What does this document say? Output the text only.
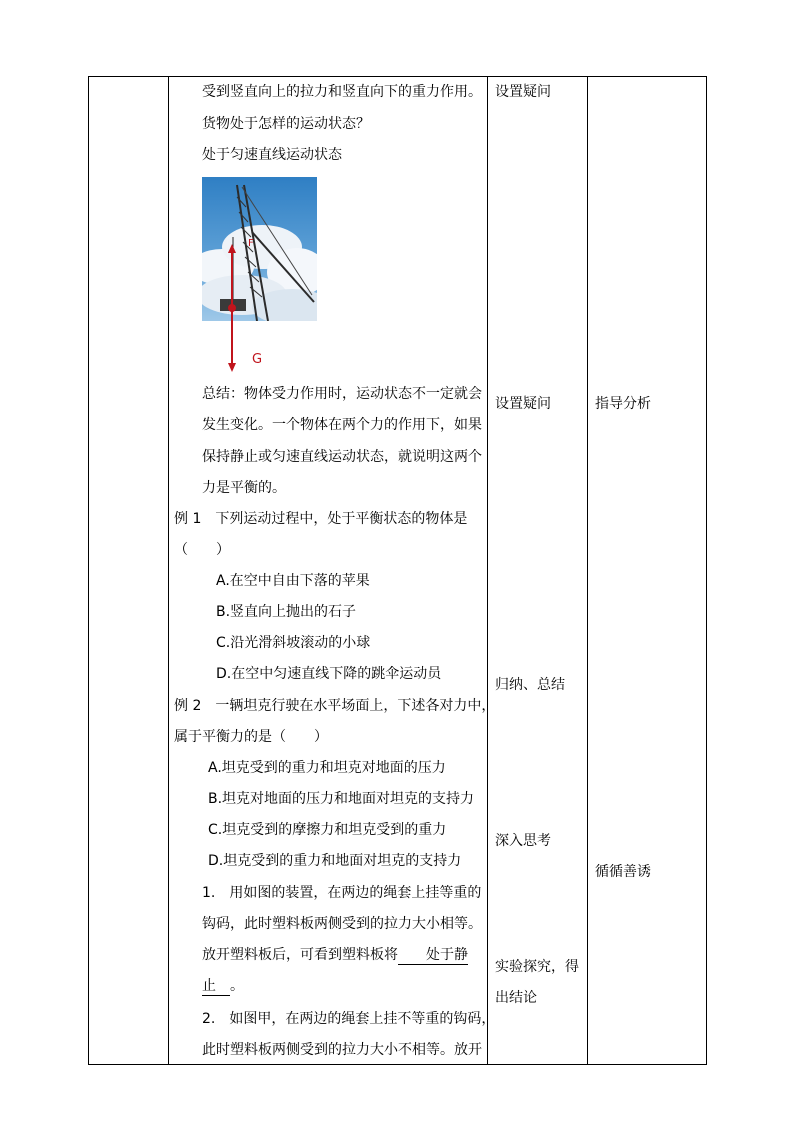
受到竖直向上的拉力和竖直向下的重力作用。
货物处于怎样的运动状态？
处于匀速直线运动状态
F
G
总结：物体受力作用时，运动状态不一定就会
发生变化。一个物体在两个力的作用下，如果
保持静止或匀速直线运动状态，就说明这两个
力是平衡的。
例 1　下列运动过程中，处于平衡状态的物体是
（　　）
A.在空中自由下落的苹果
B.竖直向上抛出的石子
C.沿光滑斜坡滚动的小球
D.在空中匀速直线下降的跳伞运动员
例 2　一辆坦克行驶在水平场面上，下述各对力中，
属于平衡力的是（　　）
A.坦克受到的重力和坦克对地面的压力
B.坦克对地面的压力和地面对坦克的支持力
C.坦克受到的摩擦力和坦克受到的重力
D.坦克受到的重力和地面对坦克的支持力
1.　用如图的装置，在两边的绳套上挂等重的
钩码，此时塑料板两侧受到的拉力大小相等。
放开塑料板后，可看到塑料板将　　处于静
止　。
2.　如图甲，在两边的绳套上挂不等重的钩码，
此时塑料板两侧受到的拉力大小不相等。放开
设置疑问
设置疑问
归纳、总结
深入思考
实验探究，得
出结论
指导分析
循循善诱
